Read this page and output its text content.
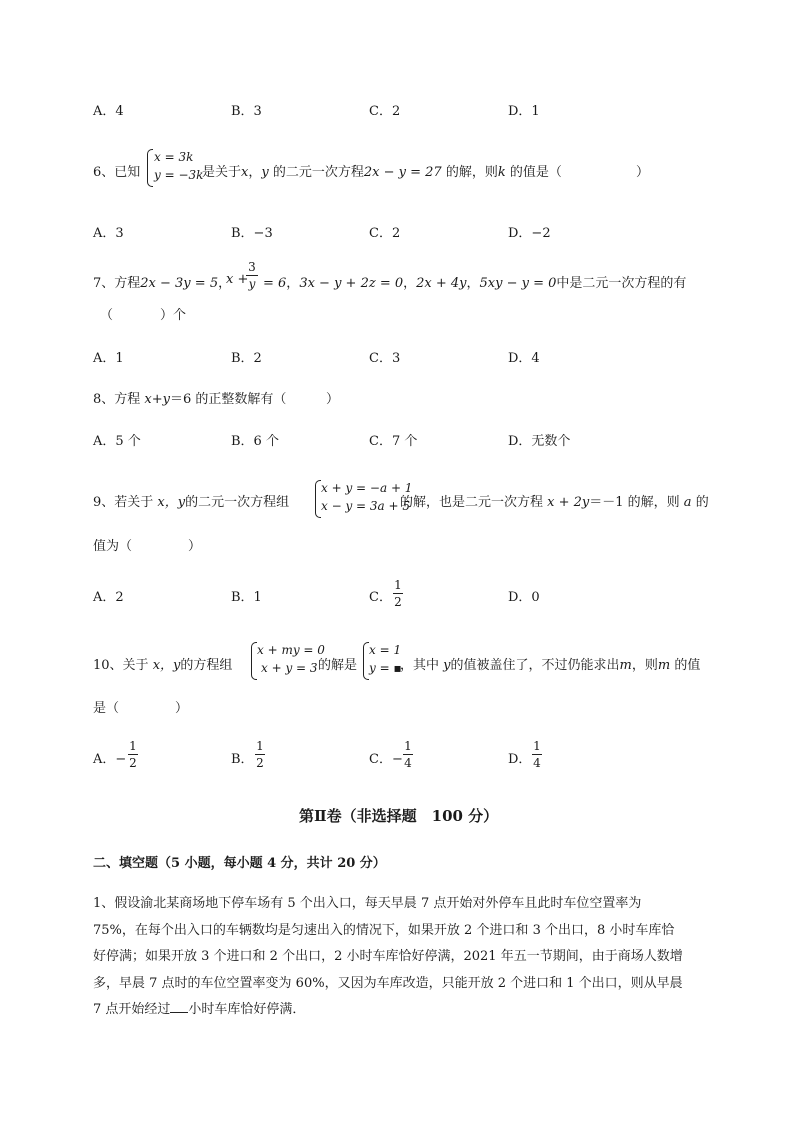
A．4	B．3	C．2	D．1
6、已知
x = 3k
y = −3k
是关于x，y 的二元一次方程2x − y = 27 的解，则k 的值是（	）
A．3	B．−3	C．2	D．−2
7、方程2x − 3y = 5，
x +
3
y = 6，3x − y + 2z = 0，2x + 4y，5xy − y = 0中是二元一次方程的有
（	）个
A．1	B．2	C．3	D．4
8、方程 x+y＝6 的正整数解有（	）
A．5 个	B．6 个	C．7 个	D．无数个
9、若关于 x，y的二元一次方程组
x + y = −a + 1
x − y = 3a + 5
的解，也是二元一次方程 x + 2y＝－1 的解，则 a 的
值为（	）
A．2	B．1	C．
1
2	D．0
10、关于 x，y的方程组
x + my = 0
x + y = 3 的解是
x = 1
y = ▪
，其中 y的值被盖住了，不过仍能求出m，则m 的值
是（	）
A．−
1
2	B．
1
2	C．−
1
4	D．
1
4
第Ⅱ卷（非选择题　100 分）
二、填空题（5 小题，每小题 4 分，共计 20 分）
1、假设渝北某商场地下停车场有 5 个出入口，每天早晨 7 点开始对外停车且此时车位空置率为
75%，在每个出入口的车辆数均是匀速出入的情况下，如果开放 2 个进口和 3 个出口，8 小时车库恰
好停满；如果开放 3 个进口和 2 个出口，2 小时车库恰好停满，2021 年五一节期间，由于商场人数增
多，早晨 7 点时的车位空置率变为 60%，又因为车库改造，只能开放 2 个进口和 1 个出口，则从早晨
7 点开始经过 小时车库恰好停满．
